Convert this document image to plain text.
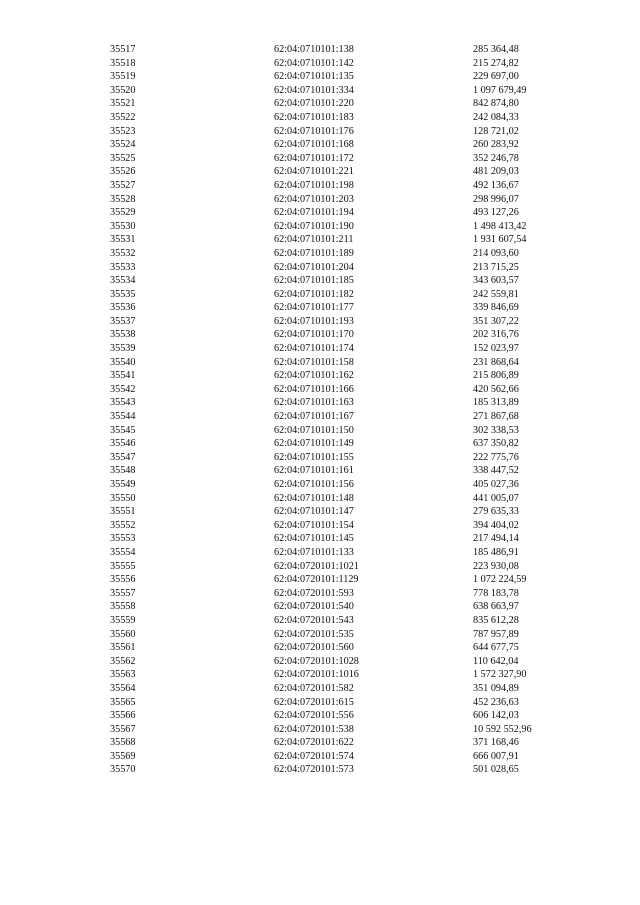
35517	62:04:0710101:138	285 364,48
35518	62:04:0710101:142	215 274,82
35519	62:04:0710101:135	229 697,00
35520	62:04:0710101:334	1 097 679,49
35521	62:04:0710101:220	842 874,80
35522	62:04:0710101:183	242 084,33
35523	62:04:0710101:176	128 721,02
35524	62:04:0710101:168	260 283,92
35525	62:04:0710101:172	352 246,78
35526	62:04:0710101:221	481 209,03
35527	62:04:0710101:198	492 136,67
35528	62:04:0710101:203	298 996,07
35529	62:04:0710101:194	493 127,26
35530	62:04:0710101:190	1 498 413,42
35531	62:04:0710101:211	1 931 607,54
35532	62:04:0710101:189	214 093,60
35533	62:04:0710101:204	213 715,25
35534	62:04:0710101:185	343 603,57
35535	62:04:0710101:182	242 559,81
35536	62:04:0710101:177	339 846,69
35537	62:04:0710101:193	351 307,22
35538	62:04:0710101:170	202 316,76
35539	62:04:0710101:174	152 023,97
35540	62:04:0710101:158	231 868,64
35541	62:04:0710101:162	215 806,89
35542	62:04:0710101:166	420 562,66
35543	62:04:0710101:163	185 313,89
35544	62:04:0710101:167	271 867,68
35545	62:04:0710101:150	302 338,53
35546	62:04:0710101:149	637 350,82
35547	62:04:0710101:155	222 775,76
35548	62:04:0710101:161	338 447,52
35549	62:04:0710101:156	405 027,36
35550	62:04:0710101:148	441 005,07
35551	62:04:0710101:147	279 635,33
35552	62:04:0710101:154	394 404,02
35553	62:04:0710101:145	217 494,14
35554	62:04:0710101:133	185 486,91
35555	62:04:0720101:1021	223 930,08
35556	62:04:0720101:1129	1 072 224,59
35557	62:04:0720101:593	778 183,78
35558	62:04:0720101:540	638 663,97
35559	62:04:0720101:543	835 612,28
35560	62:04:0720101:535	787 957,89
35561	62:04:0720101:560	644 677,75
35562	62:04:0720101:1028	110 642,04
35563	62:04:0720101:1016	1 572 327,90
35564	62:04:0720101:582	351 094,89
35565	62:04:0720101:615	452 236,63
35566	62:04:0720101:556	606 142,03
35567	62:04:0720101:538	10 592 552,96
35568	62:04:0720101:622	371 168,46
35569	62:04:0720101:574	666 007,91
35570	62:04:0720101:573	501 028,65
